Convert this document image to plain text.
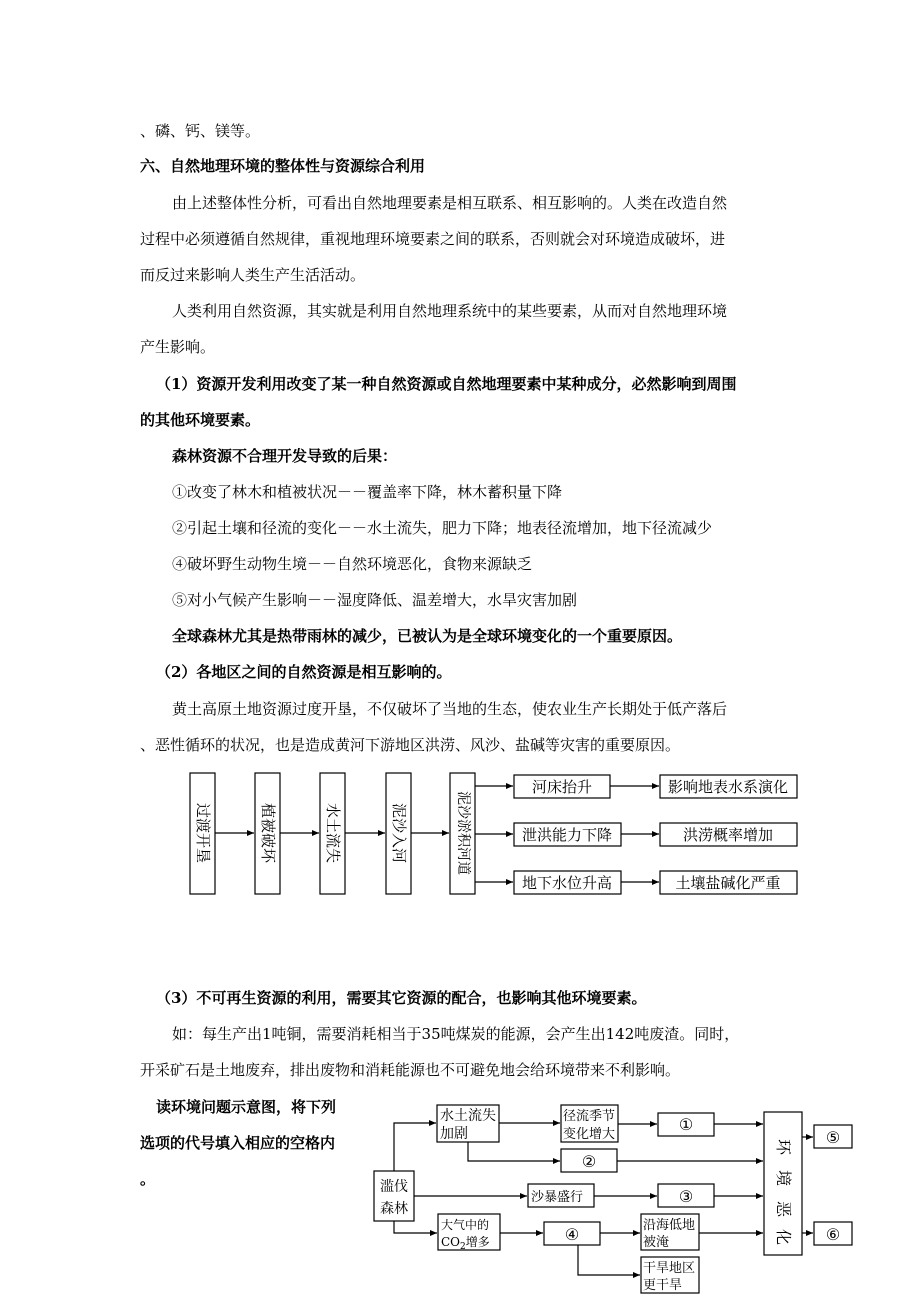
、磷、钙、镁等。
六、自然地理环境的整体性与资源综合利用
由上述整体性分析，可看出自然地理要素是相互联系、相互影响的。人类在改造自然
过程中必须遵循自然规律，重视地理环境要素之间的联系，否则就会对环境造成破坏，进
而反过来影响人类生产生活活动。
人类利用自然资源，其实就是利用自然地理系统中的某些要素，从而对自然地理环境
产生影响。
（1）资源开发利用改变了某一种自然资源或自然地理要素中某种成分，必然影响到周围
的其他环境要素。
森林资源不合理开发导致的后果：
①改变了林木和植被状况－－覆盖率下降，林木蓄积量下降
②引起土壤和径流的变化－－水土流失，肥力下降；地表径流增加，地下径流减少
④破坏野生动物生境－－自然环境恶化，食物来源缺乏
⑤对小气候产生影响－－湿度降低、温差增大，水旱灾害加剧
全球森林尤其是热带雨林的减少，已被认为是全球环境变化的一个重要原因。
（2）各地区之间的自然资源是相互影响的。
黄土高原土地资源过度开垦，不仅破坏了当地的生态，使农业生产长期处于低产落后
、恶性循环的状况，也是造成黄河下游地区洪涝、风沙、盐碱等灾害的重要原因。
过渡开垦	植被破坏	水土流失	泥沙入河	泥沙淤积河道
河床抬升
泄洪能力下降
地下水位升高
影响地表水系演化
洪涝概率增加
土壤盐碱化严重
（3）不可再生资源的利用，需要其它资源的配合，也影响其他环境要素。
如：每生产出1吨铜，需要消耗相当于35吨煤炭的能源，会产生出142吨废渣。同时，
开采矿石是土地废弃，排出废物和消耗能源也不可避免地会给环境带来不利影响。
读环境问题示意图，将下列
选项的代号填入相应的空格内
。	滥伐
森林
水土流失
加剧
径流季节
变化增大
沙暴盛行
大气中的
$CO_2$增多
沿海低地
被淹
干旱地区
更干旱
环
境
恶
化
①
②
③
④
⑤
⑥
